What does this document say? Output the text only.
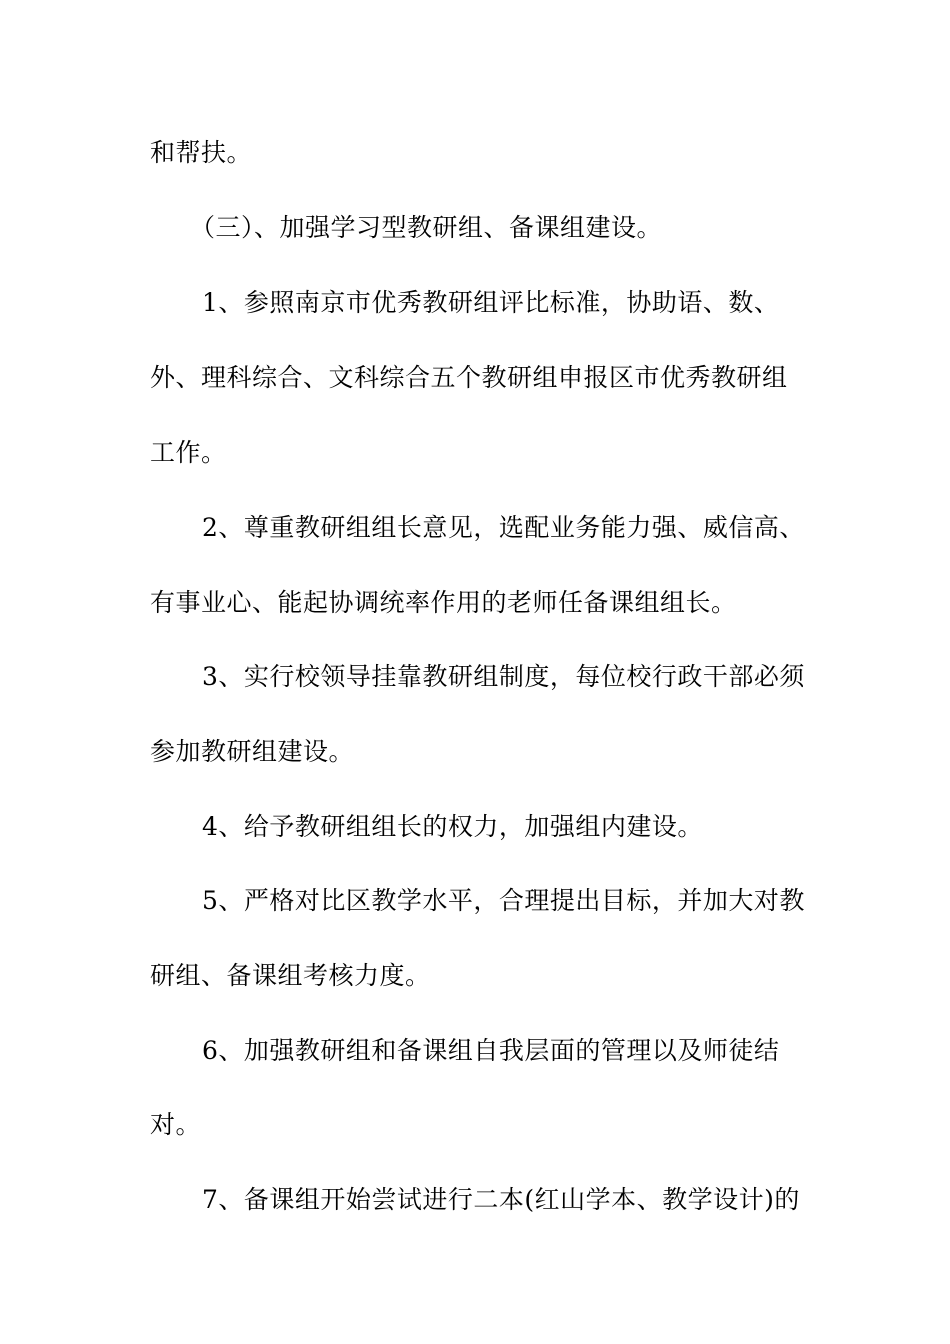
和帮扶。
（三）、加强学习型教研组、备课组建设。
1、参照南京市优秀教研组评比标准，协助语、数、
外、理科综合、文科综合五个教研组申报区市优秀教研组
工作。
2、尊重教研组组长意见，选配业务能力强、威信高、
有事业心、能起协调统率作用的老师任备课组组长。
3、实行校领导挂靠教研组制度，每位校行政干部必须
参加教研组建设。
4、给予教研组组长的权力，加强组内建设。
5、严格对比区教学水平，合理提出目标，并加大对教
研组、备课组考核力度。
6、加强教研组和备课组自我层面的管理以及师徒结
对。
7、备课组开始尝试进行二本(红山学本、教学设计)的
